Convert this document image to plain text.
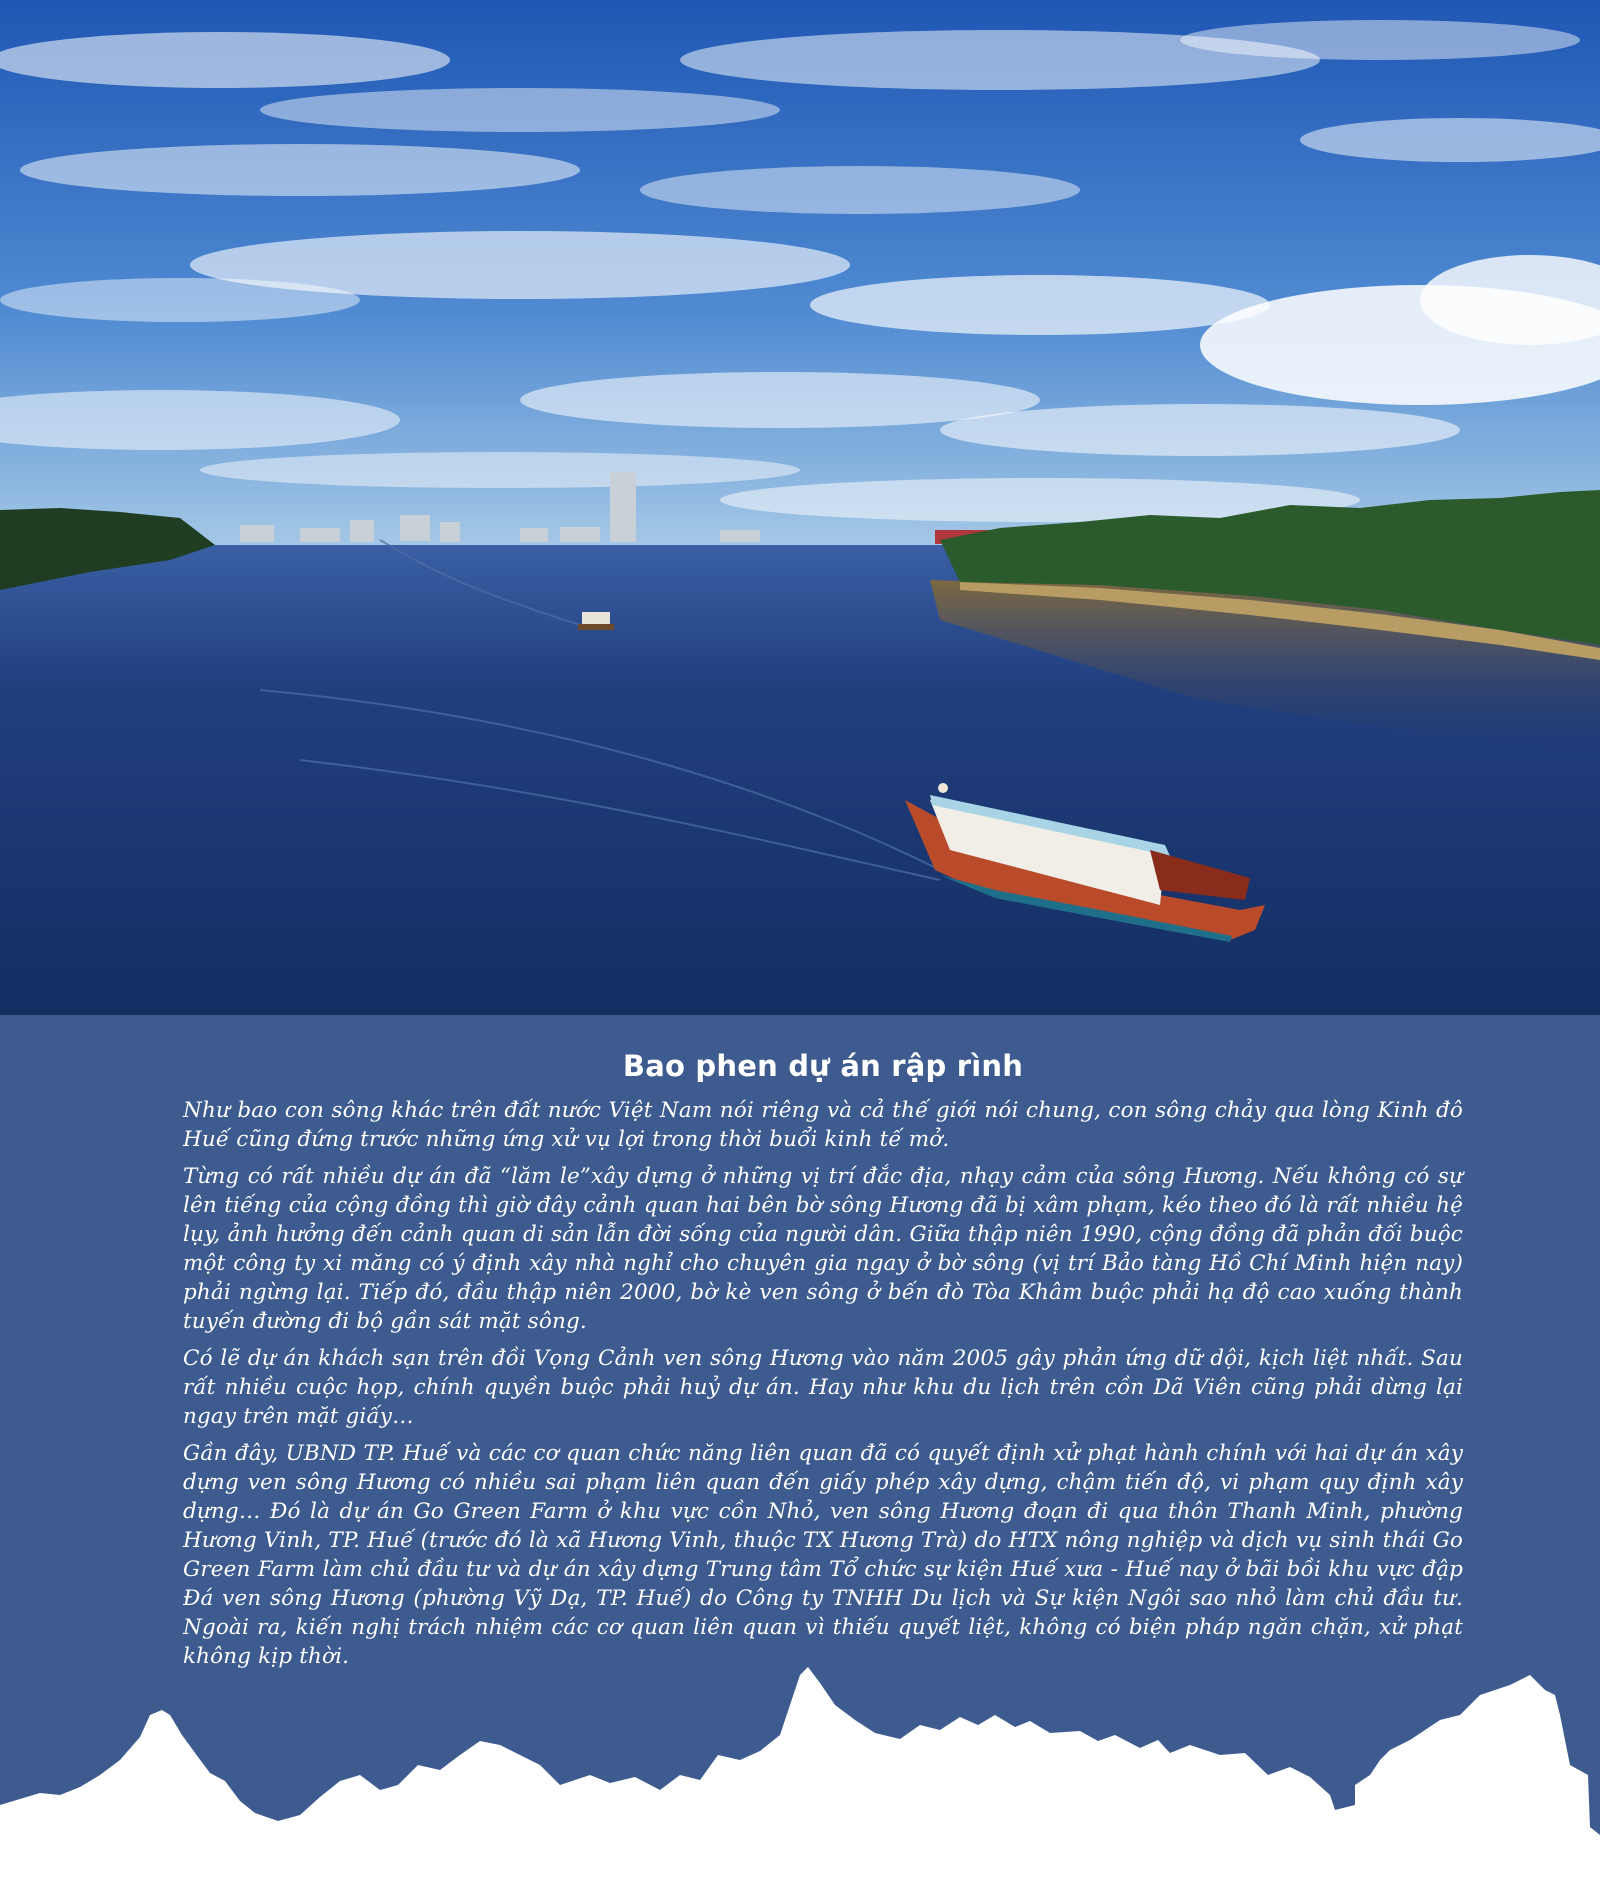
Bao phen dự án rập rình

Như bao con sông khác trên đất nước Việt Nam nói riêng và cả thế giới nói chung, con sông chảy qua lòng Kinh đô Huế cũng đứng trước những ứng xử vụ lợi trong thời buổi kinh tế mở.

Từng có rất nhiều dự án đã “lăm le”xây dựng ở những vị trí đắc địa, nhạy cảm của sông Hương. Nếu không có sự lên tiếng của cộng đồng thì giờ đây cảnh quan hai bên bờ sông Hương đã bị xâm phạm, kéo theo đó là rất nhiều hệ lụy, ảnh hưởng đến cảnh quan di sản lẫn đời sống của người dân. Giữa thập niên 1990, cộng đồng đã phản đối buộc một công ty xi măng có ý định xây nhà nghỉ cho chuyên gia ngay ở bờ sông (vị trí Bảo tàng Hồ Chí Minh hiện nay) phải ngừng lại. Tiếp đó, đầu thập niên 2000, bờ kè ven sông ở bến đò Tòa Khâm buộc phải hạ độ cao xuống thành tuyến đường đi bộ gần sát mặt sông.

Có lẽ dự án khách sạn trên đồi Vọng Cảnh ven sông Hương vào năm 2005 gây phản ứng dữ dội, kịch liệt nhất. Sau rất nhiều cuộc họp, chính quyền buộc phải huỷ dự án. Hay như khu du lịch trên cồn Dã Viên cũng phải dừng lại ngay trên mặt giấy…

Gần đây, UBND TP. Huế và các cơ quan chức năng liên quan đã có quyết định xử phạt hành chính với hai dự án xây dựng ven sông Hương có nhiều sai phạm liên quan đến giấy phép xây dựng, chậm tiến độ, vi phạm quy định xây dựng… Đó là dự án Go Green Farm ở khu vực cồn Nhỏ, ven sông Hương đoạn đi qua thôn Thanh Minh, phường Hương Vinh, TP. Huế (trước đó là xã Hương Vinh, thuộc TX Hương Trà) do HTX nông nghiệp và dịch vụ sinh thái Go Green Farm làm chủ đầu tư và dự án xây dựng Trung tâm Tổ chức sự kiện Huế xưa - Huế nay ở bãi bồi khu vực đập Đá ven sông Hương (phường Vỹ Dạ, TP. Huế) do Công ty TNHH Du lịch và Sự kiện Ngôi sao nhỏ làm chủ đầu tư. Ngoài ra, kiến nghị trách nhiệm các cơ quan liên quan vì thiếu quyết liệt, không có biện pháp ngăn chặn, xử phạt không kịp thời.
